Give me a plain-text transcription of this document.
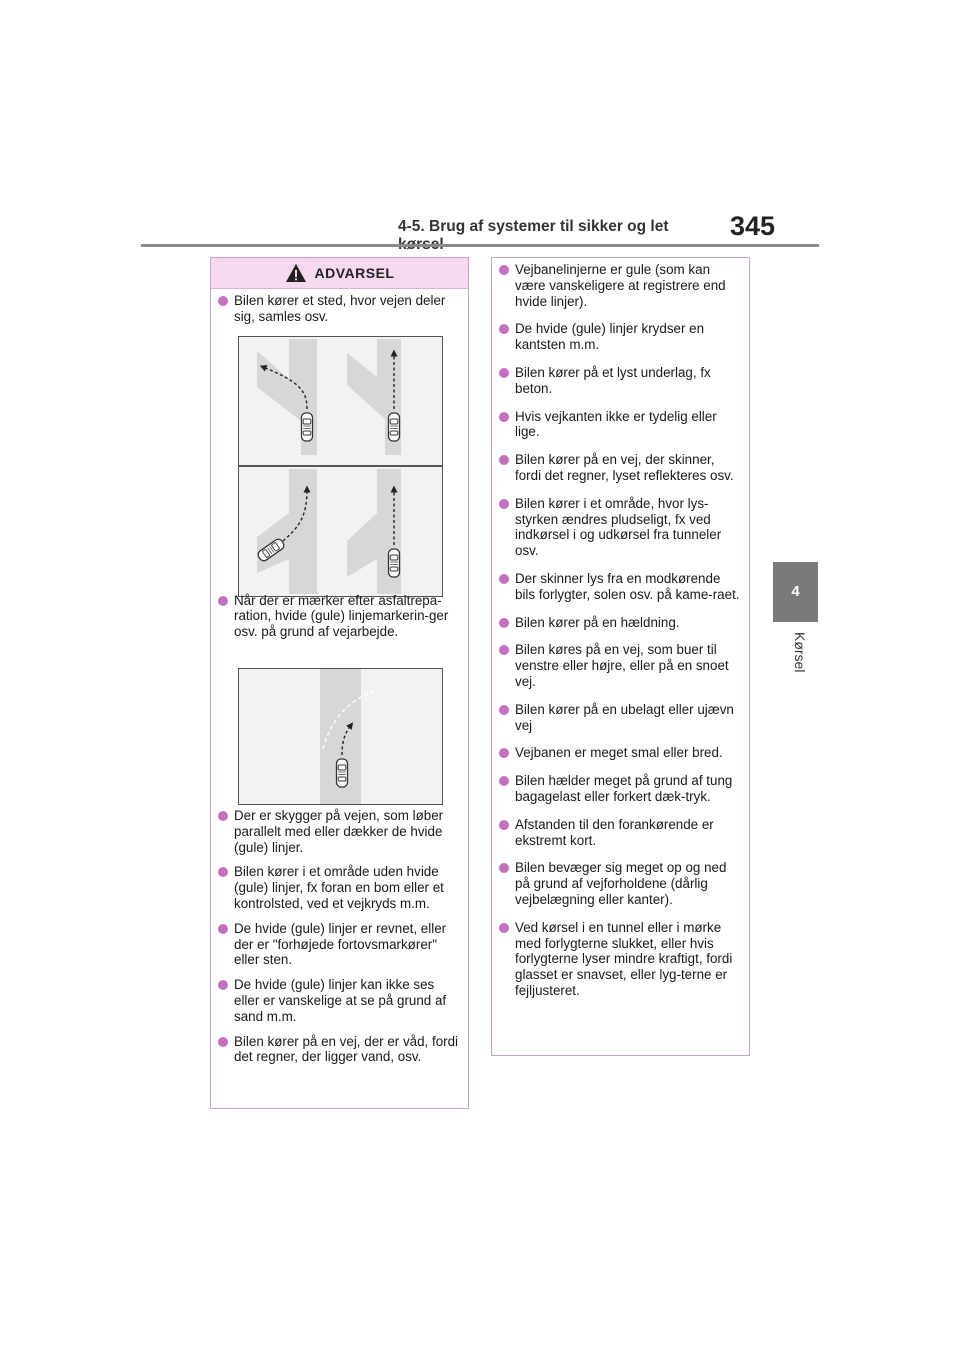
4-5. Brug af systemer til sikker og let	345
4
Kørsel
ADVARSEL
Bilen kører et sted, hvor vejen deler sig, samles osv.
Når der er mærker efter asfaltrepa-ration, hvide (gule) linjemarkerin-ger osv. på grund af vejarbejde.
Der er skygger på vejen, som løber parallelt med eller dækker de hvide (gule) linjer.
Bilen kører i et område uden hvide (gule) linjer, fx foran en bom eller et kontrolsted, ved et vejkryds m.m.
De hvide (gule) linjer er revnet, eller der er "forhøjede fortovsmarkører" eller sten.
De hvide (gule) linjer kan ikke ses eller er vanskelige at se på grund af sand m.m.
Bilen kører på en vej, der er våd, fordi det regner, der ligger vand, osv.
Vejbanelinjerne er gule (som kan være vanskeligere at registrere end hvide linjer).
De hvide (gule) linjer krydser en kantsten m.m.
Bilen kører på et lyst underlag, fx beton.
Hvis vejkanten ikke er tydelig eller lige.
Bilen kører på en vej, der skinner, fordi det regner, lyset reflekteres osv.
Bilen kører i et område, hvor lys-styrken ændres pludseligt, fx ved indkørsel i og udkørsel fra tunneler osv.
Der skinner lys fra en modkørende bils forlygter, solen osv. på kame-raet.
Bilen kører på en hældning.
Bilen køres på en vej, som buer til venstre eller højre, eller på en snoet vej.
Bilen kører på en ubelagt eller ujævn vej
Vejbanen er meget smal eller bred.
Bilen hælder meget på grund af tung bagagelast eller forkert dæk-tryk.
Afstanden til den forankørende er ekstremt kort.
Bilen bevæger sig meget op og ned på grund af vejforholdene (dårlig vejbelægning eller kanter).
Ved kørsel i en tunnel eller i mørke med forlygterne slukket, eller hvis forlygterne lyser mindre kraftigt, fordi glasset er snavset, eller lyg-terne er fejljusteret.
